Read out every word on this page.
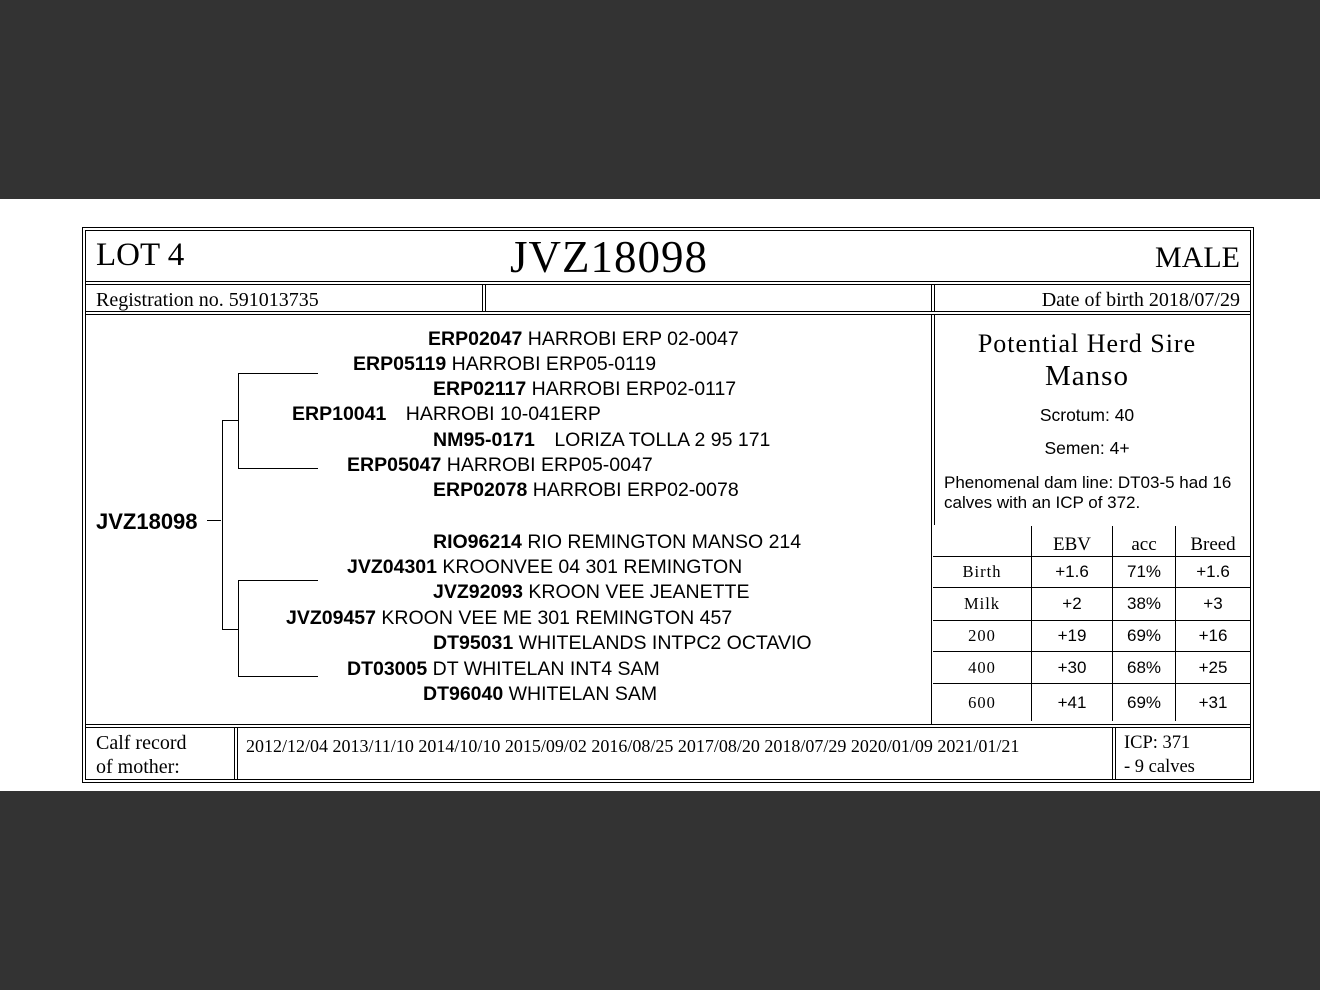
LOT 4	JVZ18098	MALE
Registration no. 591013735	Date of birth 2018/07/29
JVZ18098
ERP02047 HARROBI ERP 02-0047
ERP05119 HARROBI ERP05-0119
ERP02117 HARROBI ERP02-0117
ERP10041 HARROBI 10-041ERP
NM95-0171 LORIZA TOLLA 2 95 171
ERP05047 HARROBI ERP05-0047
ERP02078 HARROBI ERP02-0078
RIO96214 RIO REMINGTON MANSO 214
JVZ04301 KROONVEE 04 301 REMINGTON
JVZ92093 KROON VEE JEANETTE
JVZ09457 KROON VEE ME 301 REMINGTON 457
DT95031 WHITELANDS INTPC2 OCTAVIO
DT03005 DT WHITELAN INT4 SAM
DT96040 WHITELAN SAM
Potential Herd Sire
Manso
Scrotum: 40
Semen: 4+
Phenomenal dam line: DT03-5 had 16 calves with an ICP of 372.
	EBV	acc	Breed
Birth	+1.6	71%	+1.6
Milk	+2	38%	+3
200	+19	69%	+16
400	+30	68%	+25
600	+41	69%	+31
Calf record
of mother:
2012/12/04 2013/11/10 2014/10/10 2015/09/02 2016/08/25 2017/08/20 2018/07/29 2020/01/09 2021/01/21	ICP: 371
- 9 calves
